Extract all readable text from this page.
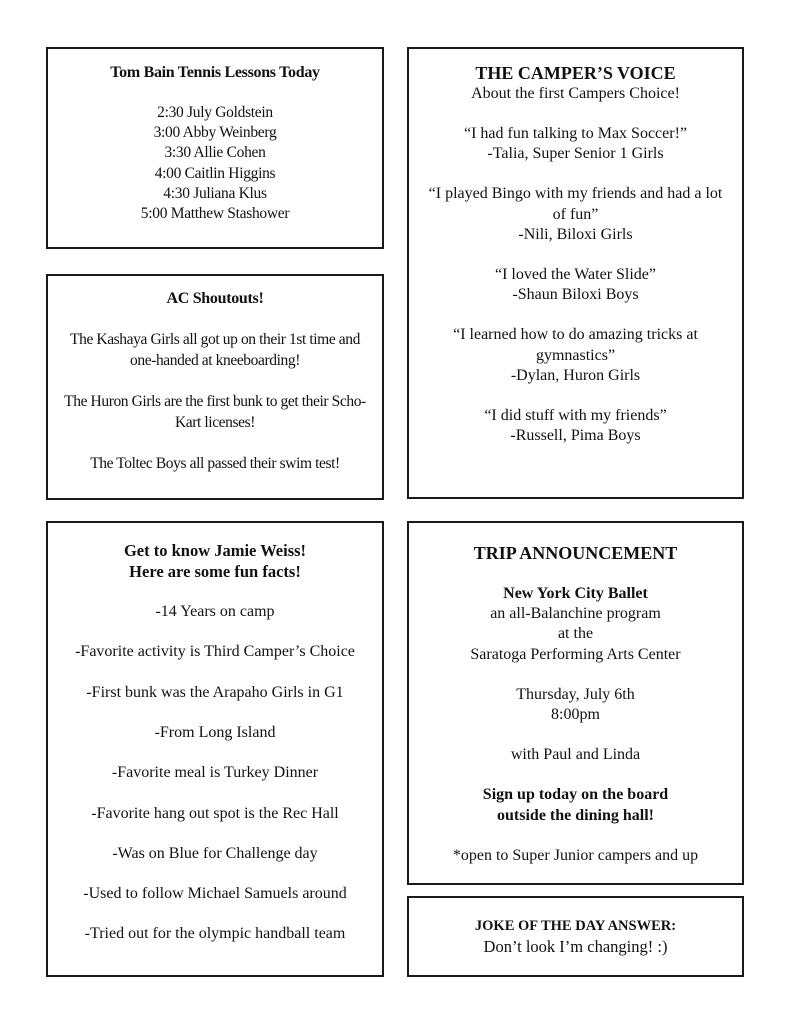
Tom Bain Tennis Lessons Today

2:30 July Goldstein
3:00 Abby Weinberg
3:30 Allie Cohen
4:00 Caitlin Higgins
4:30 Juliana Klus
5:00 Matthew Stashower

AC Shoutouts!

The Kashaya Girls all got up on their 1st time and
one-handed at kneeboarding!

The Huron Girls are the first bunk to get their Scho-
Kart licenses!

The Toltec Boys all passed their swim test!

THE CAMPER’S VOICE

About the first Campers Choice!

“I had fun talking to Max Soccer!”
-Talia, Super Senior 1 Girls

“I played Bingo with my friends and had a lot
of fun”
-Nili, Biloxi Girls

“I loved the Water Slide”
-Shaun Biloxi Boys

“I learned how to do amazing tricks at
gymnastics”
-Dylan, Huron Girls

“I did stuff with my friends”
-Russell, Pima Boys

Get to know Jamie Weiss!
Here are some fun facts!

-14 Years on camp

-Favorite activity is Third Camper’s Choice

-First bunk was the Arapaho Girls in G1

-From Long Island

-Favorite meal is Turkey Dinner

-Favorite hang out spot is the Rec Hall

-Was on Blue for Challenge day

-Used to follow Michael Samuels around

-Tried out for the olympic handball team

TRIP ANNOUNCEMENT

New York City Ballet
an all-Balanchine program
at the
Saratoga Performing Arts Center

Thursday, July 6th
8:00pm

with Paul and Linda

Sign up today on the board
outside the dining hall!

*open to Super Junior campers and up

JOKE OF THE DAY ANSWER:

Don’t look I’m changing! :)
